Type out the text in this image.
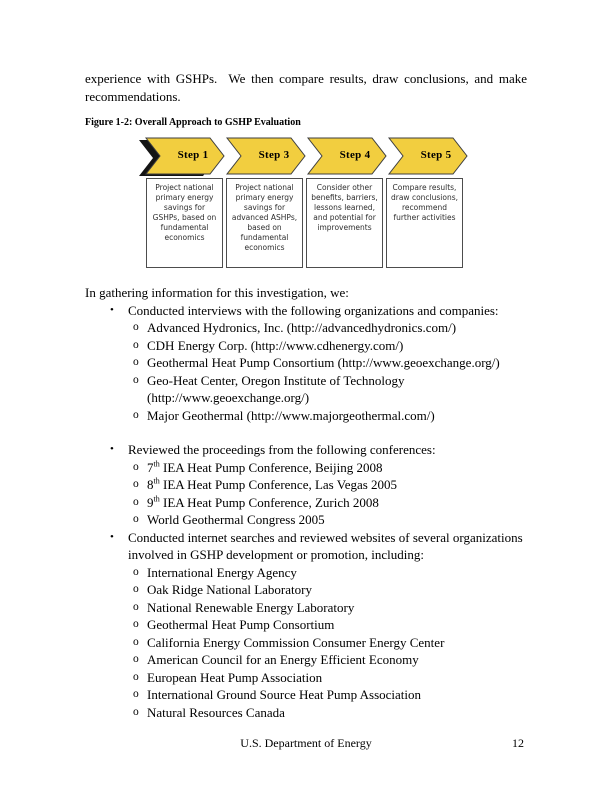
experience with GSHPs.  We then compare results, draw conclusions, and make recommendations.

Figure 1-2: Overall Approach to GSHP Evaluation
Step 1	Step 3	Step 4	Step 5
Project national primary energy savings for GSHPs, based on fundamental economics
Project national primary energy savings for advanced ASHPs, based on fundamental economics
Consider other benefits, barriers, lessons learned, and potential for improvements
Compare results, draw conclusions, recommend further activities

In gathering information for this investigation, we:

•	Conducted interviews with the following organizations and companies:
o Advanced Hydronics, Inc. (http://advancedhydronics.com/)
o CDH Energy Corp. (http://www.cdhenergy.com/)
o Geothermal Heat Pump Consortium (http://www.geoexchange.org/)
o Geo-Heat Center, Oregon Institute of Technology (http://www.geoexchange.org/)
o Major Geothermal (http://www.majorgeothermal.com/)
•	Reviewed the proceedings from the following conferences:
o 7th IEA Heat Pump Conference, Beijing 2008
o 8th IEA Heat Pump Conference, Las Vegas 2005
o 9th IEA Heat Pump Conference, Zurich 2008
o World Geothermal Congress 2005
•	Conducted internet searches and reviewed websites of several organizations involved in GSHP development or promotion, including:
o International Energy Agency
o Oak Ridge National Laboratory
o National Renewable Energy Laboratory
o Geothermal Heat Pump Consortium
o California Energy Commission Consumer Energy Center
o American Council for an Energy Efficient Economy
o European Heat Pump Association
o International Ground Source Heat Pump Association
o Natural Resources Canada
U.S. Department of Energy	12
